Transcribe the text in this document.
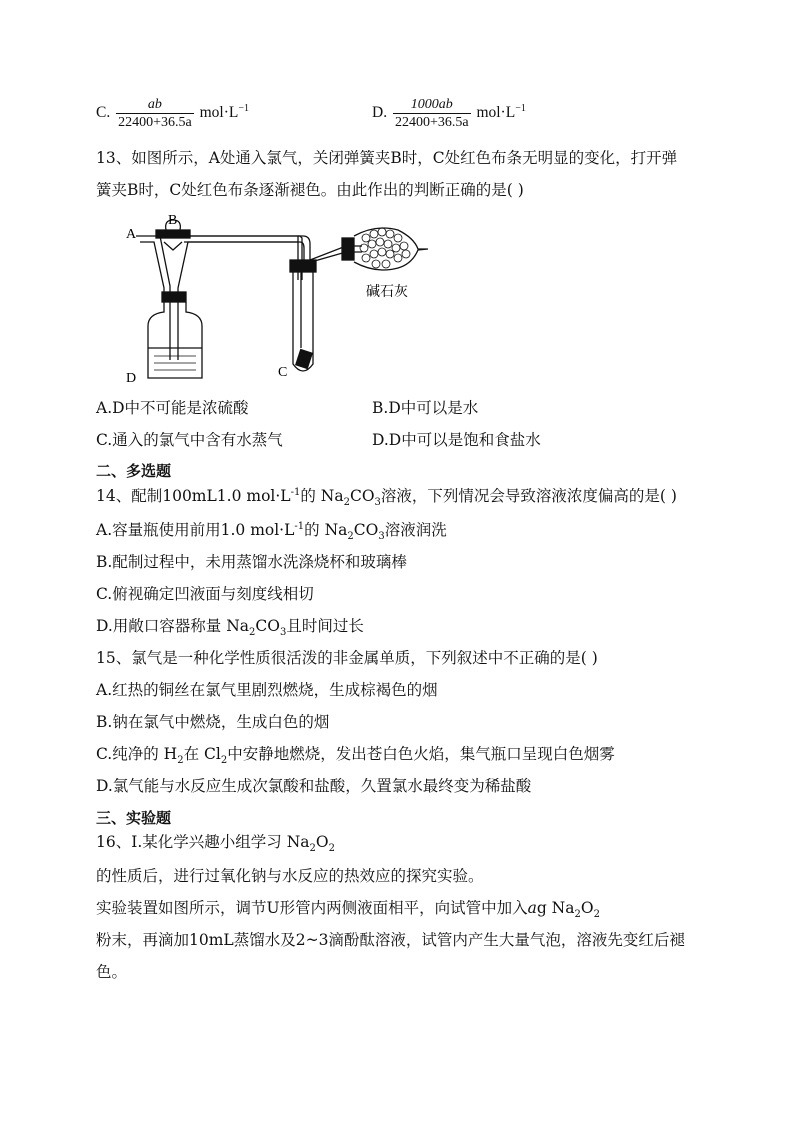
C. $\frac{ab}{22400+36.5a} mol\cdot L^{-1}$	D. $\frac{1000ab}{22400+36.5a} mol\cdot L^{-1}$
13、如图所示，A处通入氯气，关闭弹簧夹B时，C处红色布条无明显的变化，打开弹
簧夹B时，C处红色布条逐渐褪色。由此作出的判断正确的是( )
A
B
C
D
碱石灰
A.D中不可能是浓硫酸	B.D中可以是水
C.通入的氯气中含有水蒸气	D.D中可以是饱和食盐水
二、多选题
14、配制100mL1.0 $mol\cdot L^{-1}$的 $Na_2CO_3$溶液，下列情况会导致溶液浓度偏高的是( )
A.容量瓶使用前用1.0 $mol\cdot L^{-1}$的 $Na_2CO_3$溶液润洗
B.配制过程中，未用蒸馏水洗涤烧杯和玻璃棒
C.俯视确定凹液面与刻度线相切
D.用敞口容器称量 $Na_2CO_3$且时间过长
15、氯气是一种化学性质很活泼的非金属单质，下列叙述中不正确的是( )
A.红热的铜丝在氯气里剧烈燃烧，生成棕褐色的烟
B.钠在氯气中燃烧，生成白色的烟
C.纯净的 $H_2$在 $Cl_2$中安静地燃烧，发出苍白色火焰，集气瓶口呈现白色烟雾
D.氯气能与水反应生成次氯酸和盐酸，久置氯水最终变为稀盐酸
三、实验题
16、Ⅰ.某化学兴趣小组学习 $Na_2O_2$
的性质后，进行过氧化钠与水反应的热效应的探究实验。
实验装置如图所示，调节U形管内两侧液面相平，向试管中加入ag $Na_2O_2$
粉末，再滴加10mL蒸馏水及2~3滴酚酞溶液，试管内产生大量气泡，溶液先变红后褪
色。
